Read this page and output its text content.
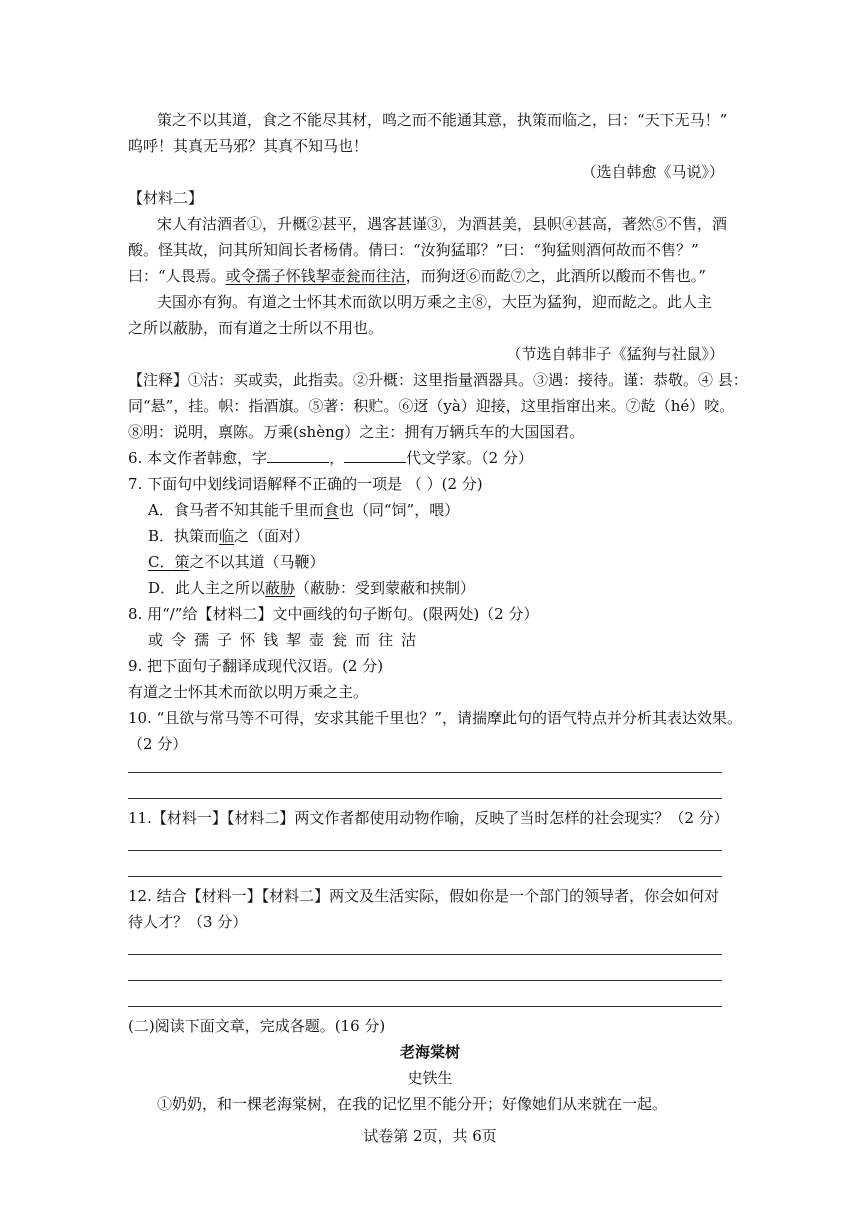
策之不以其道，食之不能尽其材，鸣之而不能通其意，执策而临之，曰：“天下无马！”
呜呼！其真无马邪？其真不知马也！
（选自韩愈《马说》）
【材料二】
宋人有沽酒者①，升概②甚平，遇客甚谨③，为酒甚美，县帜④甚高，著然⑤不售，酒
酸。怪其故，问其所知闾长者杨倩。倩曰：“汝狗猛耶？”曰：“狗猛则酒何故而不售？”
曰：“人畏焉。或令孺子怀钱挈壶瓮而往沽，而狗迓⑥而龁⑦之，此酒所以酸而不售也。”
夫国亦有狗。有道之士怀其术而欲以明万乘之主⑧，大臣为猛狗，迎而龁之。此人主
之所以蔽胁，而有道之士所以不用也。
（节选自韩非子《猛狗与社鼠》）
【注释】①沽：买或卖，此指卖。②升概：这里指量酒器具。③遇：接待。谨：恭敬。④ 县：
同“悬”，挂。帜：指酒旗。⑤著：积贮。⑥迓（yà）迎接，这里指窜出来。⑦龁（hé）咬。
⑧明：说明，禀陈。万乘(shèng）之主：拥有万辆兵车的大国国君。
6. 本文作者韩愈，字	，	代文学家。（2 分）
7. 下面句中划线词语解释不正确的一项是 （ ）(2 分)
A．食马者不知其能千里而食也（同“饲”，喂）
B．执策而临之（面对）
C．策之不以其道（马鞭）
D．此人主之所以蔽胁（蔽胁：受到蒙蔽和挟制）
8. 用“/”给【材料二】文中画线的句子断句。(限两处)（2 分）
或 令 孺 子 怀 钱 挈 壶 瓮 而 往 沽
9. 把下面句子翻译成现代汉语。(2 分)
有道之士怀其术而欲以明万乘之主。
10. “且欲与常马等不可得，安求其能千里也？”，请揣摩此句的语气特点并分析其表达效果。
（2 分）
11.【材料一】【材料二】两文作者都使用动物作喻，反映了当时怎样的社会现实？（2 分）
12. 结合【材料一】【材料二】两文及生活实际，假如你是一个部门的领导者，你会如何对
待人才？（3 分）
(二)阅读下面文章，完成各题。(16 分)
老海棠树
史铁生
①奶奶，和一棵老海棠树，在我的记忆里不能分开；好像她们从来就在一起。
试卷第 2页，共 6页
